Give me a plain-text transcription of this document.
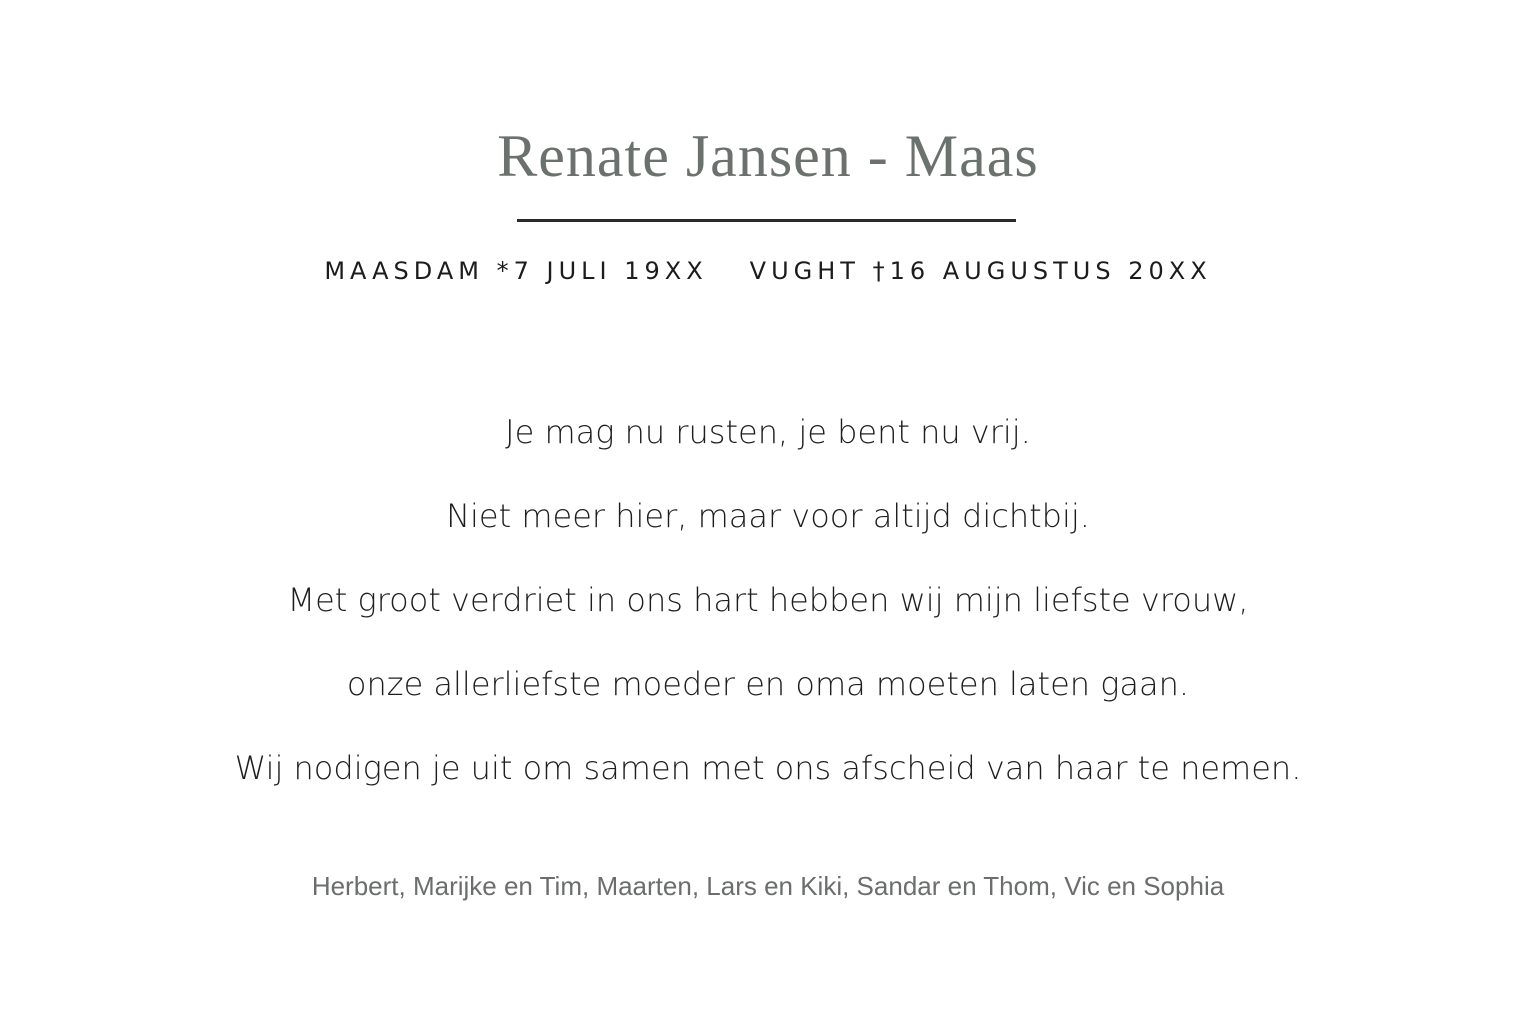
Renate Jansen - Maas
MAASDAM *7 JULI 19XX VUGHT †16 AUGUSTUS 20XX
Je mag nu rusten, je bent nu vrij.
Niet meer hier, maar voor altijd dichtbij.
Met groot verdriet in ons hart hebben wij mijn liefste vrouw,
onze allerliefste moeder en oma moeten laten gaan.
Wij nodigen je uit om samen met ons afscheid van haar te nemen.
Herbert, Marijke en Tim, Maarten, Lars en Kiki, Sandar en Thom, Vic en Sophia
